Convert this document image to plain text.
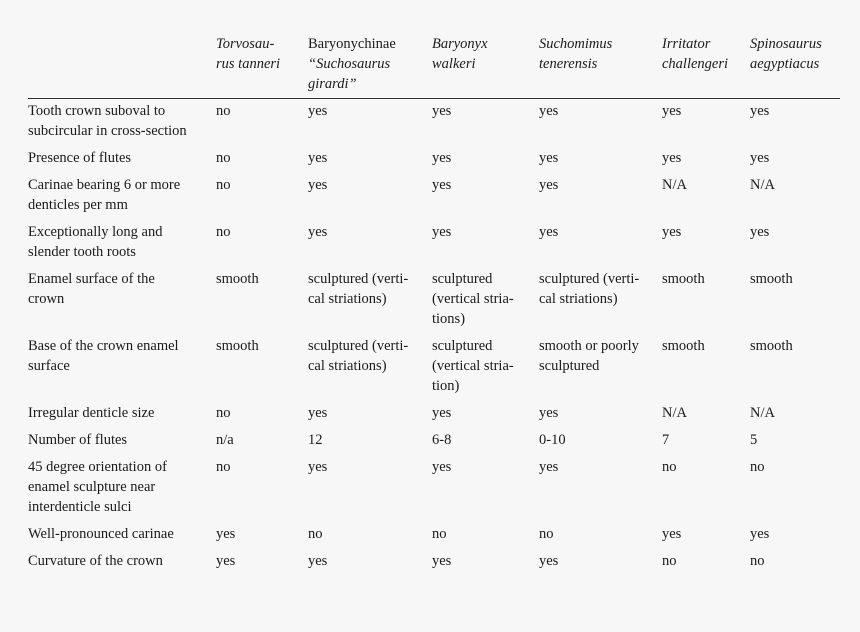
	Torvosau-
rus tanneri	Baryonychinae
“Suchosaurus
girardi”	Baryonyx
walkeri	Suchomimus
tenerensis	Irritator
challengeri	Spinosaurus
aegyptiacus

Tooth crown suboval to
subcircular in cross-section	no	yes	yes	yes	yes	yes

Presence of flutes	no	yes	yes	yes	yes	yes

Carinae bearing 6 or more
denticles per mm	no	yes	yes	yes	N/A	N/A

Exceptionally long and
slender tooth roots	no	yes	yes	yes	yes	yes

Enamel surface of the
crown	smooth	sculptured (verti-
cal striations)	sculptured
(vertical stria-
tions)	sculptured (verti-
cal striations)	smooth	smooth

Base of the crown enamel
surface	smooth	sculptured (verti-
cal striations)	sculptured
(vertical stria-
tion)	smooth or poorly
sculptured	smooth	smooth

Irregular denticle size	no	yes	yes	yes	N/A	N/A

Number of flutes	n/a	12	6-8	0-10	7	5

45 degree orientation of
enamel sculpture near
interdenticle sulci	no	yes	yes	yes	no	no

Well-pronounced carinae	yes	no	no	no	yes	yes

Curvature of the crown	yes	yes	yes	yes	no	no
